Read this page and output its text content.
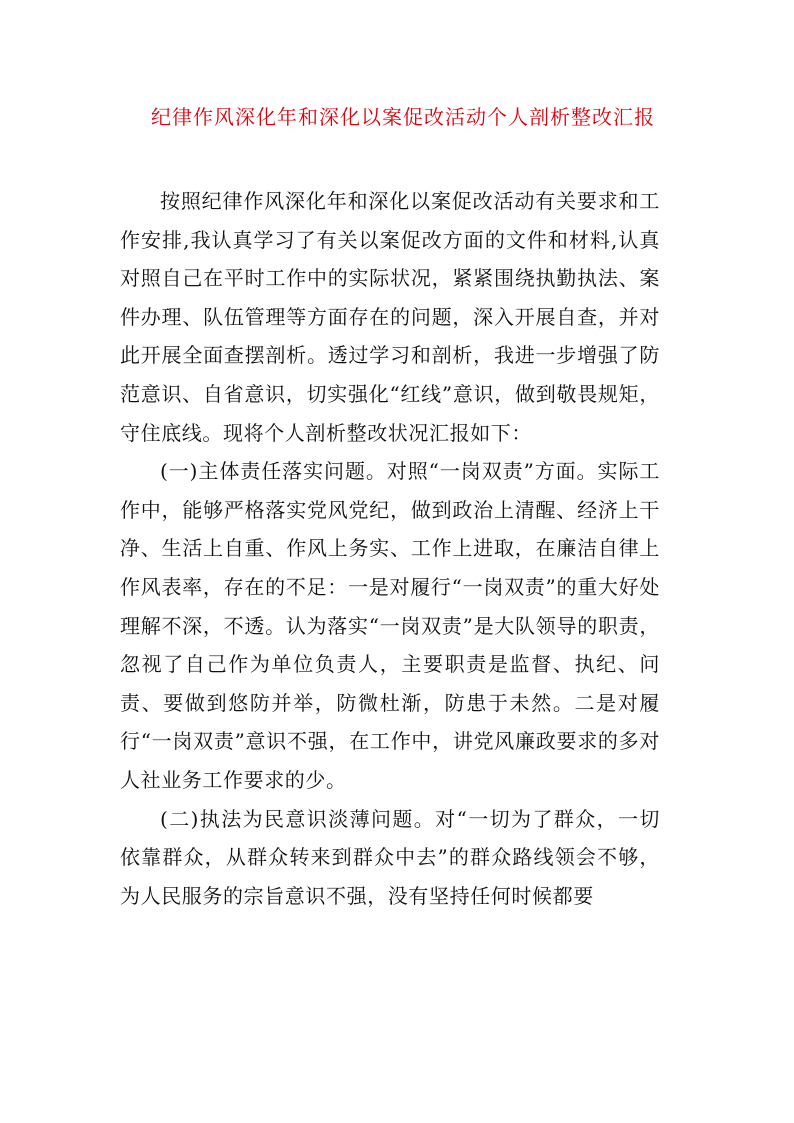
纪律作风深化年和深化以案促改活动个人剖析整改汇报

按照纪律作风深化年和深化以案促改活动有关要求和工作安排,我认真学习了有关以案促改方面的文件和材料,认真对照自己在平时工作中的实际状况，紧紧围绕执勤执法、案件办理、队伍管理等方面存在的问题，深入开展自查，并对此开展全面查摆剖析。透过学习和剖析，我进一步增强了防范意识、自省意识，切实强化“红线”意识，做到敬畏规矩，守住底线。现将个人剖析整改状况汇报如下：

(一)主体责任落实问题。对照“一岗双责”方面。实际工作中，能够严格落实党风党纪，做到政治上清醒、经济上干净、生活上自重、作风上务实、工作上进取，在廉洁自律上作风表率，存在的不足：一是对履行“一岗双责”的重大好处理解不深，不透。认为落实“一岗双责”是大队领导的职责，忽视了自己作为单位负责人，主要职责是监督、执纪、问责、要做到悠防并举，防微杜渐，防患于未然。二是对履行“一岗双责”意识不强，在工作中，讲党风廉政要求的多对人社业务工作要求的少。

(二)执法为民意识淡薄问题。对“一切为了群众，一切依靠群众，从群众转来到群众中去”的群众路线领会不够，为人民服务的宗旨意识不强，没有坚持任何时候都要
